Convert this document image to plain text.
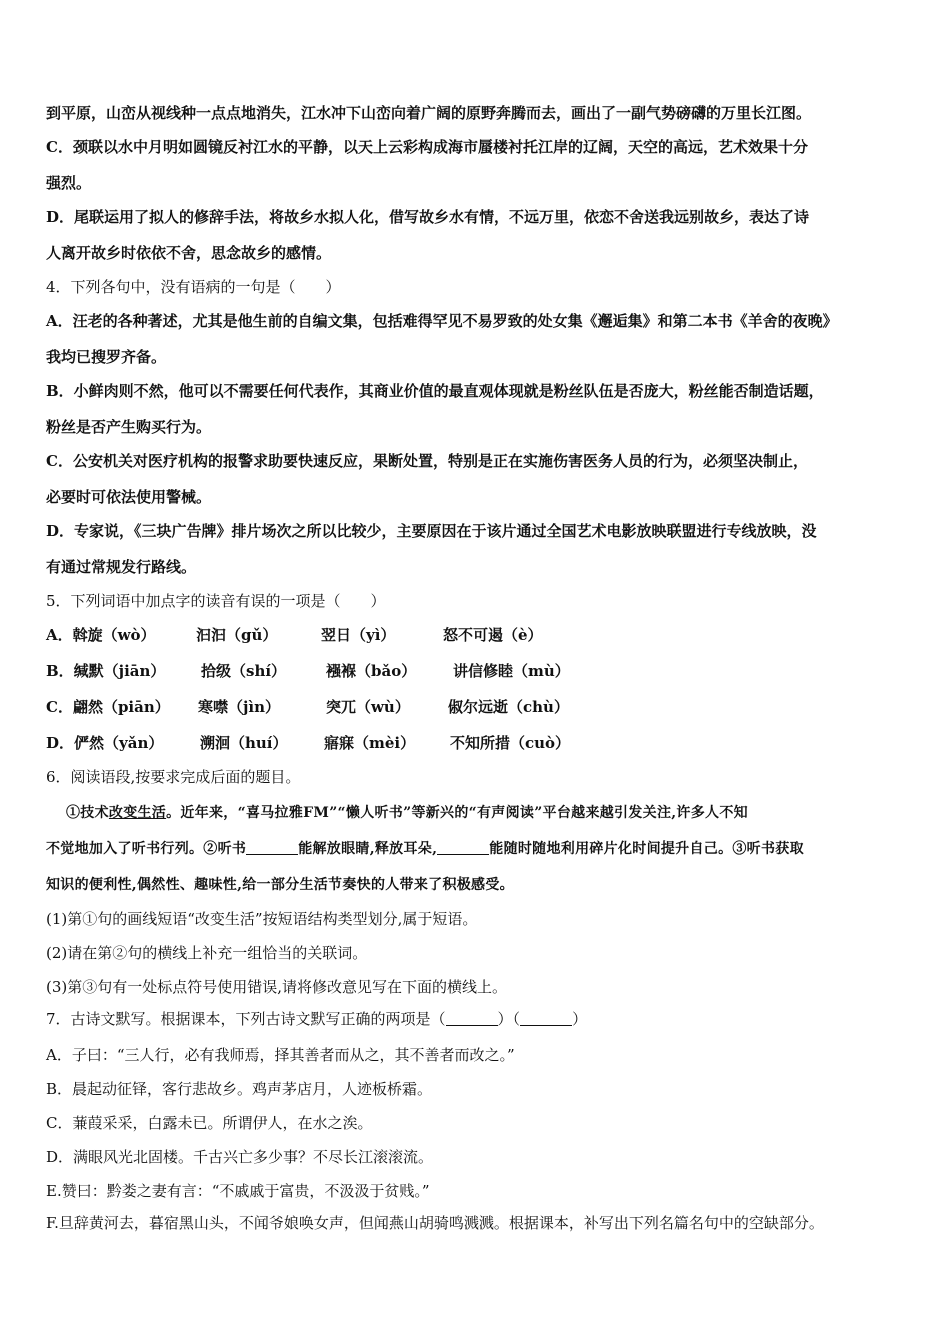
到平原，山峦从视线种一点点地消失，江水冲下山峦向着广阔的原野奔腾而去，画出了一副气势磅礴的万里长江图。
C．颈联以水中月明如圆镜反衬江水的平静，以天上云彩构成海市蜃楼衬托江岸的辽阔，天空的高远，艺术效果十分
强烈。
D．尾联运用了拟人的修辞手法，将故乡水拟人化，借写故乡水有情，不远万里，依恋不舍送我远别故乡，表达了诗
人离开故乡时依依不舍，思念故乡的感情。
4．下列各句中，没有语病的一句是（　　）
A．汪老的各种著述，尤其是他生前的自编文集，包括难得罕见不易罗致的处女集《邂逅集》和第二本书《羊舍的夜晚》
我均已搜罗齐备。
B．小鲜肉则不然，他可以不需要任何代表作，其商业价值的最直观体现就是粉丝队伍是否庞大，粉丝能否制造话题，
粉丝是否产生购买行为。
C．公安机关对医疗机构的报警求助要快速反应，果断处置，特别是正在实施伤害医务人员的行为，必须坚决制止，
必要时可依法使用警械。
D．专家说，《三块广告牌》排片场次之所以比较少，主要原因在于该片通过全国艺术电影放映联盟进行专线放映，没
有通过常规发行路线。
5．下列词语中加点字的读音有误的一项是（　　）
A．斡旋（wò）	汩汩（gǔ）	翌日（yì）	怒不可遏（è）
B．缄默（jiān） 拾级（shí）	襁褓（bǎo） 讲信修睦（mù）
C．翩然（piān） 寒噤（jìn）	突兀（wù）	俶尔远逝（chù）
D．俨然（yǎn） 溯洄（huí） 寤寐（mèi） 不知所措（cuò）
6．阅读语段,按要求完成后面的题目。
①技术改变生活。近年来，“喜马拉雅FM”“懒人听书”等新兴的“有声阅读”平台越来越引发关注,许多人不知
不觉地加入了听书行列。②听书	能解放眼睛,释放耳朵,	能随时随地利用碎片化时间提升自己。③听书获取
知识的便利性,偶然性、趣味性,给一部分生活节奏快的人带来了积极感受。
(1)第①句的画线短语“改变生活”按短语结构类型划分,属于短语。
(2)请在第②句的横线上补充一组恰当的关联词。
(3)第③句有一处标点符号使用错误,请将修改意见写在下面的横线上。
7．古诗文默写。根据课本，下列古诗文默写正确的两项是（	）（	）
A．子曰：“三人行，必有我师焉，择其善者而从之，其不善者而改之。”
B．晨起动征铎，客行悲故乡。鸡声茅店月，人迹板桥霜。
C．蒹葭采采，白露未已。所谓伊人，在水之涘。
D．满眼风光北固楼。千古兴亡多少事？不尽长江滚滚流。
E.赞曰：黔娄之妻有言：“不戚戚于富贵，不汲汲于贫贱。”
F.旦辞黄河去，暮宿黑山头，不闻爷娘唤女声，但闻燕山胡骑鸣溅溅。根据课本，补写出下列名篇名句中的空缺部分。
